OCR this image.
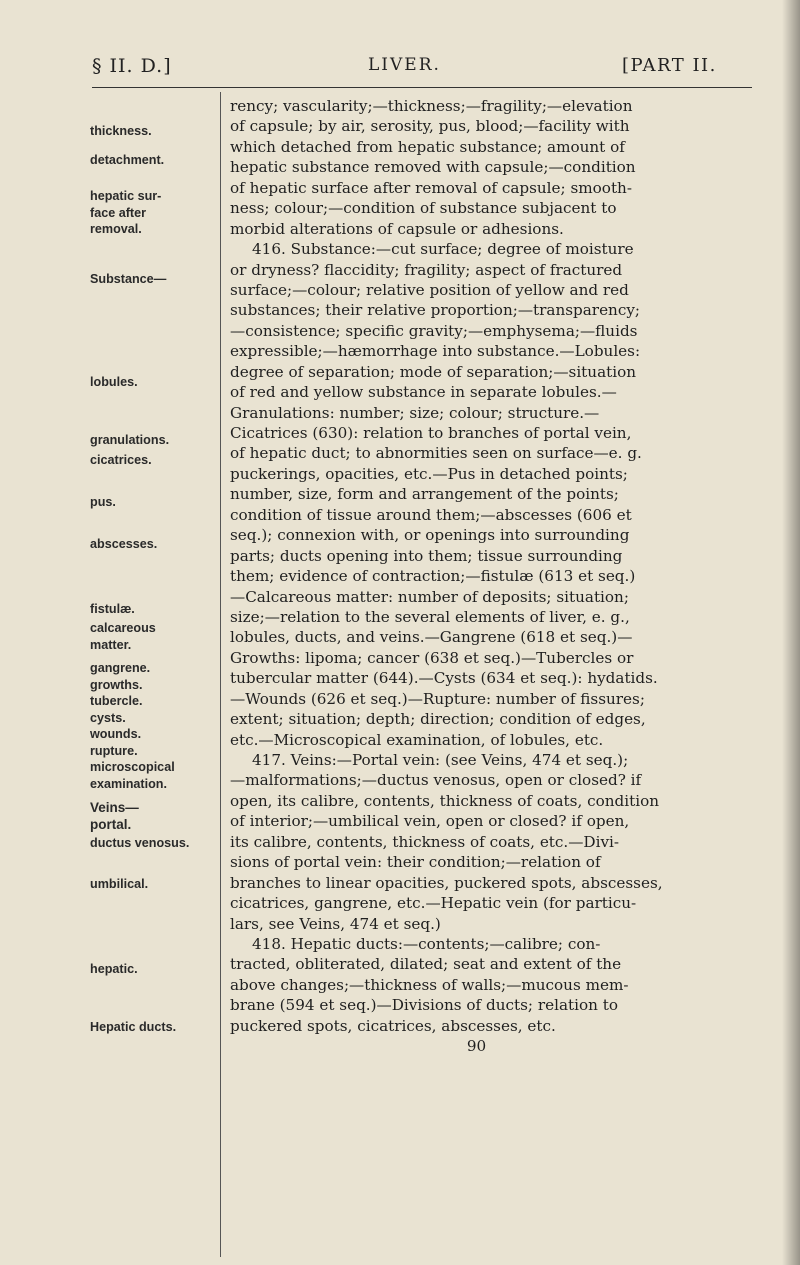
§ II. D.]	LIVER.	[PART II.
thickness.
detachment.
hepatic sur-
face after
removal.
Substance—
lobules.
granulations.
cicatrices.
pus.
abscesses.
fistulæ.
calcareous
matter.
gangrene.
growths.
tubercle.
cysts.
wounds.
rupture.
microscopical
examination.
Veins—
portal.
ductus venosus.
umbilical.
hepatic.
Hepatic ducts.
rency; vascularity;—thickness;—fragility;—elevation
of capsule; by air, serosity, pus, blood;—facility with
which detached from hepatic substance; amount of
hepatic substance removed with capsule;—condition
of hepatic surface after removal of capsule; smooth-
ness; colour;—condition of substance subjacent to
morbid alterations of capsule or adhesions.
416. Substance:—cut surface; degree of moisture
or dryness? flaccidity; fragility; aspect of fractured
surface;—colour; relative position of yellow and red
substances; their relative proportion;—transparency;
—consistence; specific gravity;—emphysema;—fluids
expressible;—hæmorrhage into substance.—Lobules:
degree of separation; mode of separation;—situation
of red and yellow substance in separate lobules.—
Granulations: number; size; colour; structure.—
Cicatrices (630): relation to branches of portal vein,
of hepatic duct; to abnormities seen on surface—e. g.
puckerings, opacities, etc.—Pus in detached points;
number, size, form and arrangement of the points;
condition of tissue around them;—abscesses (606 et
seq.); connexion with, or openings into surrounding
parts; ducts opening into them; tissue surrounding
them; evidence of contraction;—fistulæ (613 et seq.)
—Calcareous matter: number of deposits; situation;
size;—relation to the several elements of liver, e. g.,
lobules, ducts, and veins.—Gangrene (618 et seq.)—
Growths: lipoma; cancer (638 et seq.)—Tubercles or
tubercular matter (644).—Cysts (634 et seq.): hydatids.
—Wounds (626 et seq.)—Rupture: number of fissures;
extent; situation; depth; direction; condition of edges,
etc.—Microscopical examination, of lobules, etc.
417. Veins:—Portal vein: (see Veins, 474 et seq.);
—malformations;—ductus venosus, open or closed? if
open, its calibre, contents, thickness of coats, condition
of interior;—umbilical vein, open or closed? if open,
its calibre, contents, thickness of coats, etc.—Divi-
sions of portal vein: their condition;—relation of
branches to linear opacities, puckered spots, abscesses,
cicatrices, gangrene, etc.—Hepatic vein (for particu-
lars, see Veins, 474 et seq.)
418. Hepatic ducts:—contents;—calibre; con-
tracted, obliterated, dilated; seat and extent of the
above changes;—thickness of walls;—mucous mem-
brane (594 et seq.)—Divisions of ducts; relation to
puckered spots, cicatrices, abscesses, etc.
90
